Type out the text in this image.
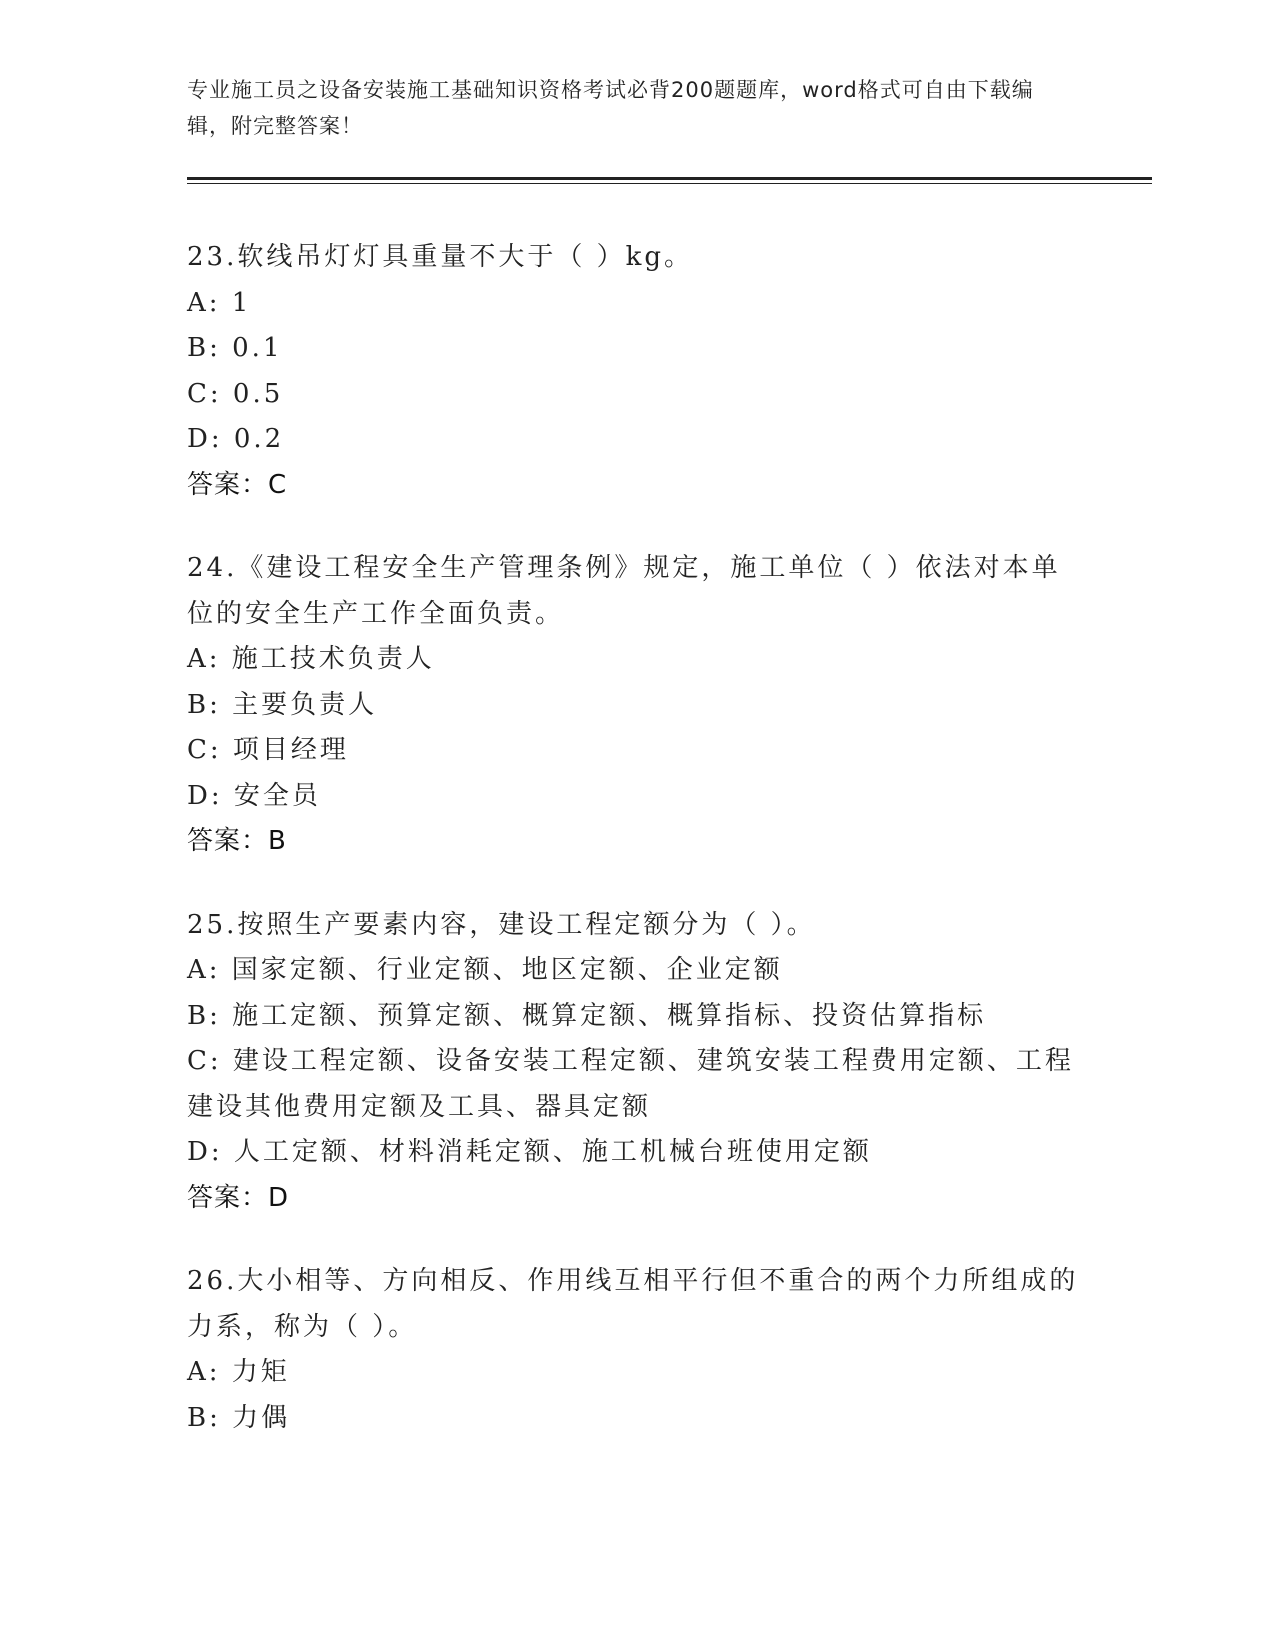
专业施工员之设备安装施工基础知识资格考试必背200题题库，word格式可自由下载编辑，附完整答案！
23.软线吊灯灯具重量不大于（ ）kg。
A: 1
B: 0.1
C: 0.5
D: 0.2
答案：C
24.《建设工程安全生产管理条例》规定，施工单位（ ）依法对本单位的安全生产工作全面负责。
A: 施工技术负责人
B: 主要负责人
C: 项目经理
D: 安全员
答案：B
25.按照生产要素内容，建设工程定额分为（ ）。
A: 国家定额、行业定额、地区定额、企业定额
B: 施工定额、预算定额、概算定额、概算指标、投资估算指标
C: 建设工程定额、设备安装工程定额、建筑安装工程费用定额、工程建设其他费用定额及工具、器具定额
D: 人工定额、材料消耗定额、施工机械台班使用定额
答案：D
26.大小相等、方向相反、作用线互相平行但不重合的两个力所组成的力系，称为（ ）。
A: 力矩
B: 力偶
